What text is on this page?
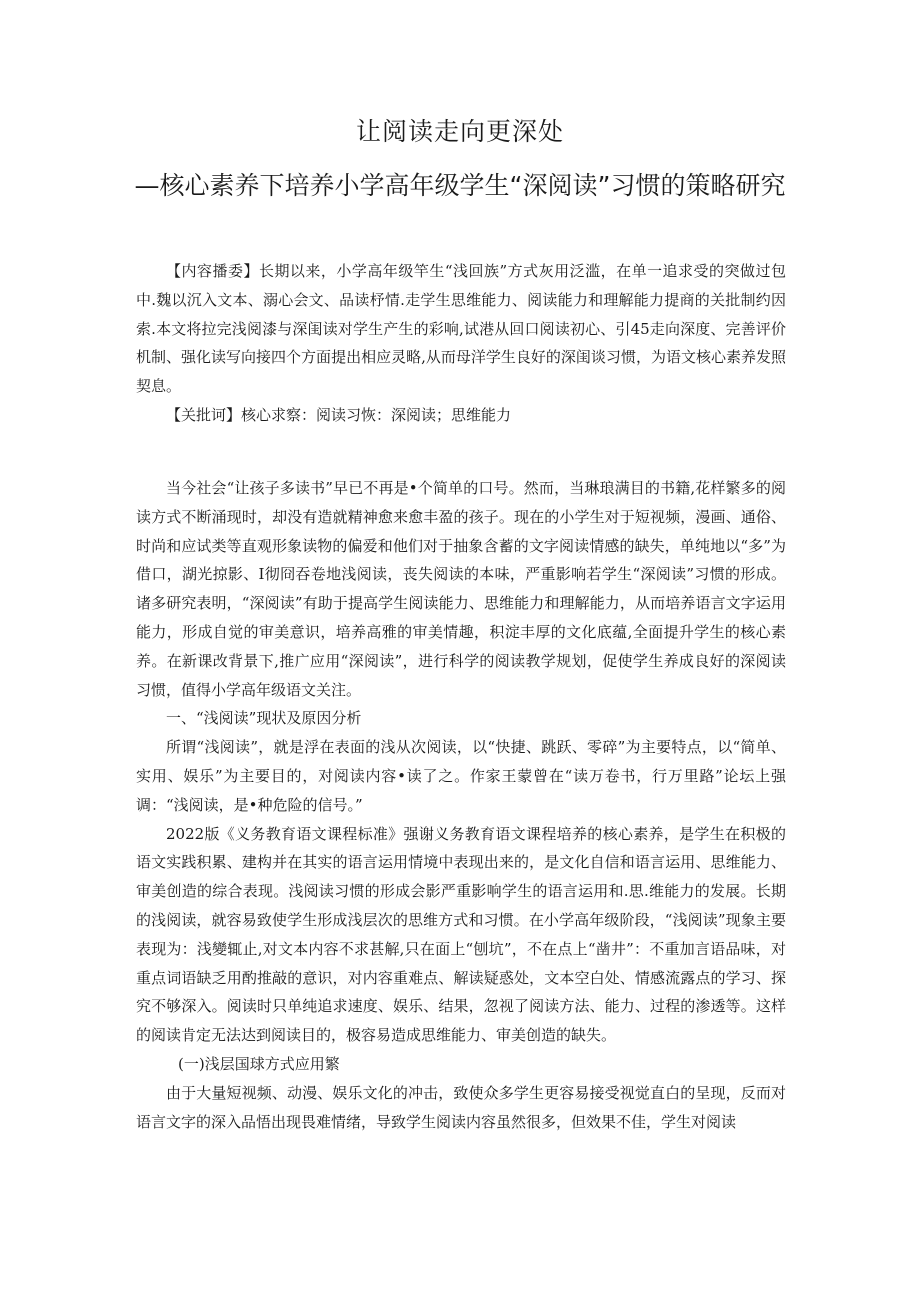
让阅读走向更深处
—核心素养下培养小学高年级学生“深阅读”习惯的策略研究

【内容播委】长期以来，小学高年级竿生“浅回族”方式灰用泛滥，在单一追求受的突做过包中.魏以沉入文本、溺心会文、品读杼情.走学生思维能力、阅读能力和理解能力提商的关批制约因索.本文将拉完浅阅漆与深闺读对学生产生的彩响,试港从回口阅读初心、引45走向深度、完善评价机制、强化读写向接四个方面提出相应灵略,从而母洋学生良好的深闺谈习惯，为语文核心素养发照契息。

【关批诃】核心求察：阅读习恢：深阅读；思维能力

当今社会“让孩子多读书”早已不再是•个简单的口号。然而，当琳琅满目的书籍,花样繁多的阅读方式不断涌现时，却没有造就精神愈来愈丰盈的孩子。现在的小学生对于短视频，漫画、通俗、时尚和应试类等直观形象读物的偏爱和他们对于抽象含蓄的文字阅读情感的缺失，单纯地以“多”为借口，湖光掠影、I彻冏吞卷地浅阅读，丧失阅读的本味，严重影响若学生“深阅读”习惯的形成。诸多研究表明，“深阅读”有助于提高学生阅读能力、思维能力和理解能力，从而培养语言文字运用能力，形成自觉的审美意识，培养高雅的审美情趣，积淀丰厚的文化底蕴,全面提升学生的核心素养。在新课改背景下,推广应用“深阅读”，进行科学的阅读教学规划，促使学生养成良好的深阅读习惯，值得小学高年级语文关注。

一、“浅阅读”现状及原因分析

所谓“浅阅读”，就是浮在表面的浅从次阅读，以“快捷、跳跃、零碎”为主要特点，以“简单、实用、娱乐”为主要目的，对阅读内容•读了之。作家王蒙曾在“读万卷书，行万里路”论坛上强调：“浅阅读，是•种危险的信号。”

2022版《义务教育语文课程标准》强谢义务教育语文课程培养的核心素养，是学生在积极的语文实践积累、建构并在其实的语言运用情境中表现出来的，是文化自信和语言运用、思维能力、审美创造的综合表现。浅阅读习惯的形成会影严重影响学生的语言运用和.思.维能力的发展。长期的浅阅读，就容易致使学生形成浅层次的思维方式和习惯。在小学高年级阶段，“浅阅读”现象主要表现为：浅變辄止,对文本内容不求甚解,只在面上“刨坑”，不在点上“凿井”：不重加言语品味，对重点词语缺乏用酌推敲的意识，对内容重难点、解读疑惑处，文本空白处、情感流露点的学习、探究不够深入。阅读时只单纯追求速度、娱乐、结果，忽视了阅读方法、能力、过程的渗透等。这样的阅读肯定无法达到阅读目的，极容易造成思维能力、审美创造的缺失。

(一)浅层国球方式应用繁

由于大量短视频、动漫、娱乐文化的冲击，致使众多学生更容易接受视觉直白的呈现，反而对语言文字的深入品悟出现畏难情绪，导致学生阅读内容虽然很多，但效果不佳，学生对阅读
